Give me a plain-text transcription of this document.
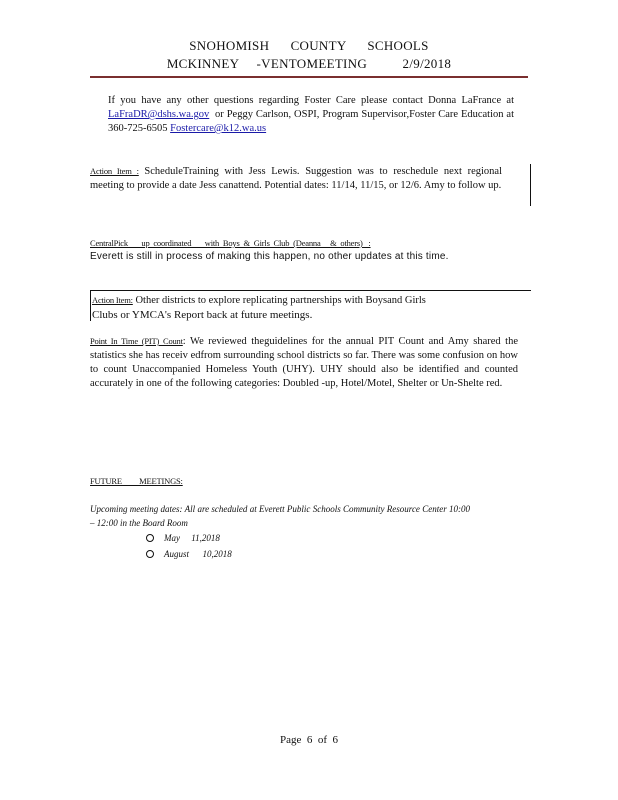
SNOHOMISH      COUNTY      SCHOOLS
MCKINNEY     -VENTOMEETING          2/9/2018
If you have any other questions regarding Foster Care please contact Donna LaFrance at LaFraDR@dshs.wa.gov  or Peggy Carlson, OSPI, Program Supervisor,Foster Care Education at 360-725-6505 Fostercare@k12.wa.us
Action Item : ScheduleTraining with Jess Lewis. Suggestion was to reschedule next regional meeting to provide a date Jess canattend. Potential dates: 11/14, 11/15, or 12/6. Amy to follow up.
CentralPick       up  coordinated       with  Boys  &  Girls  Club  (Deanna     &  others)   :
Everett is still in process of making this happen, no other updates at this time.
Action Item: Other districts to explore replicating partnerships with Boysand Girls
Clubs or YMCA's Report back at future meetings.
Point In Time (PIT) Count: We reviewed theguidelines for the annual PIT Count and Amy shared the statistics she has receiv edfrom surrounding school districts so far. There was some confusion on how to count Unaccompanied Homeless Youth (UHY). UHY should also be identified and counted accurately in one of the following categories: Doubled -up, Hotel/Motel, Shelter or Un-Shelte red.
FUTURE         MEETINGS:
Upcoming meeting dates: All are scheduled at Everett Public Schools Community Resource Center 10:00 – 12:00 in the Board Room
May     11,2018
August      10,2018
Page  6  of  6
